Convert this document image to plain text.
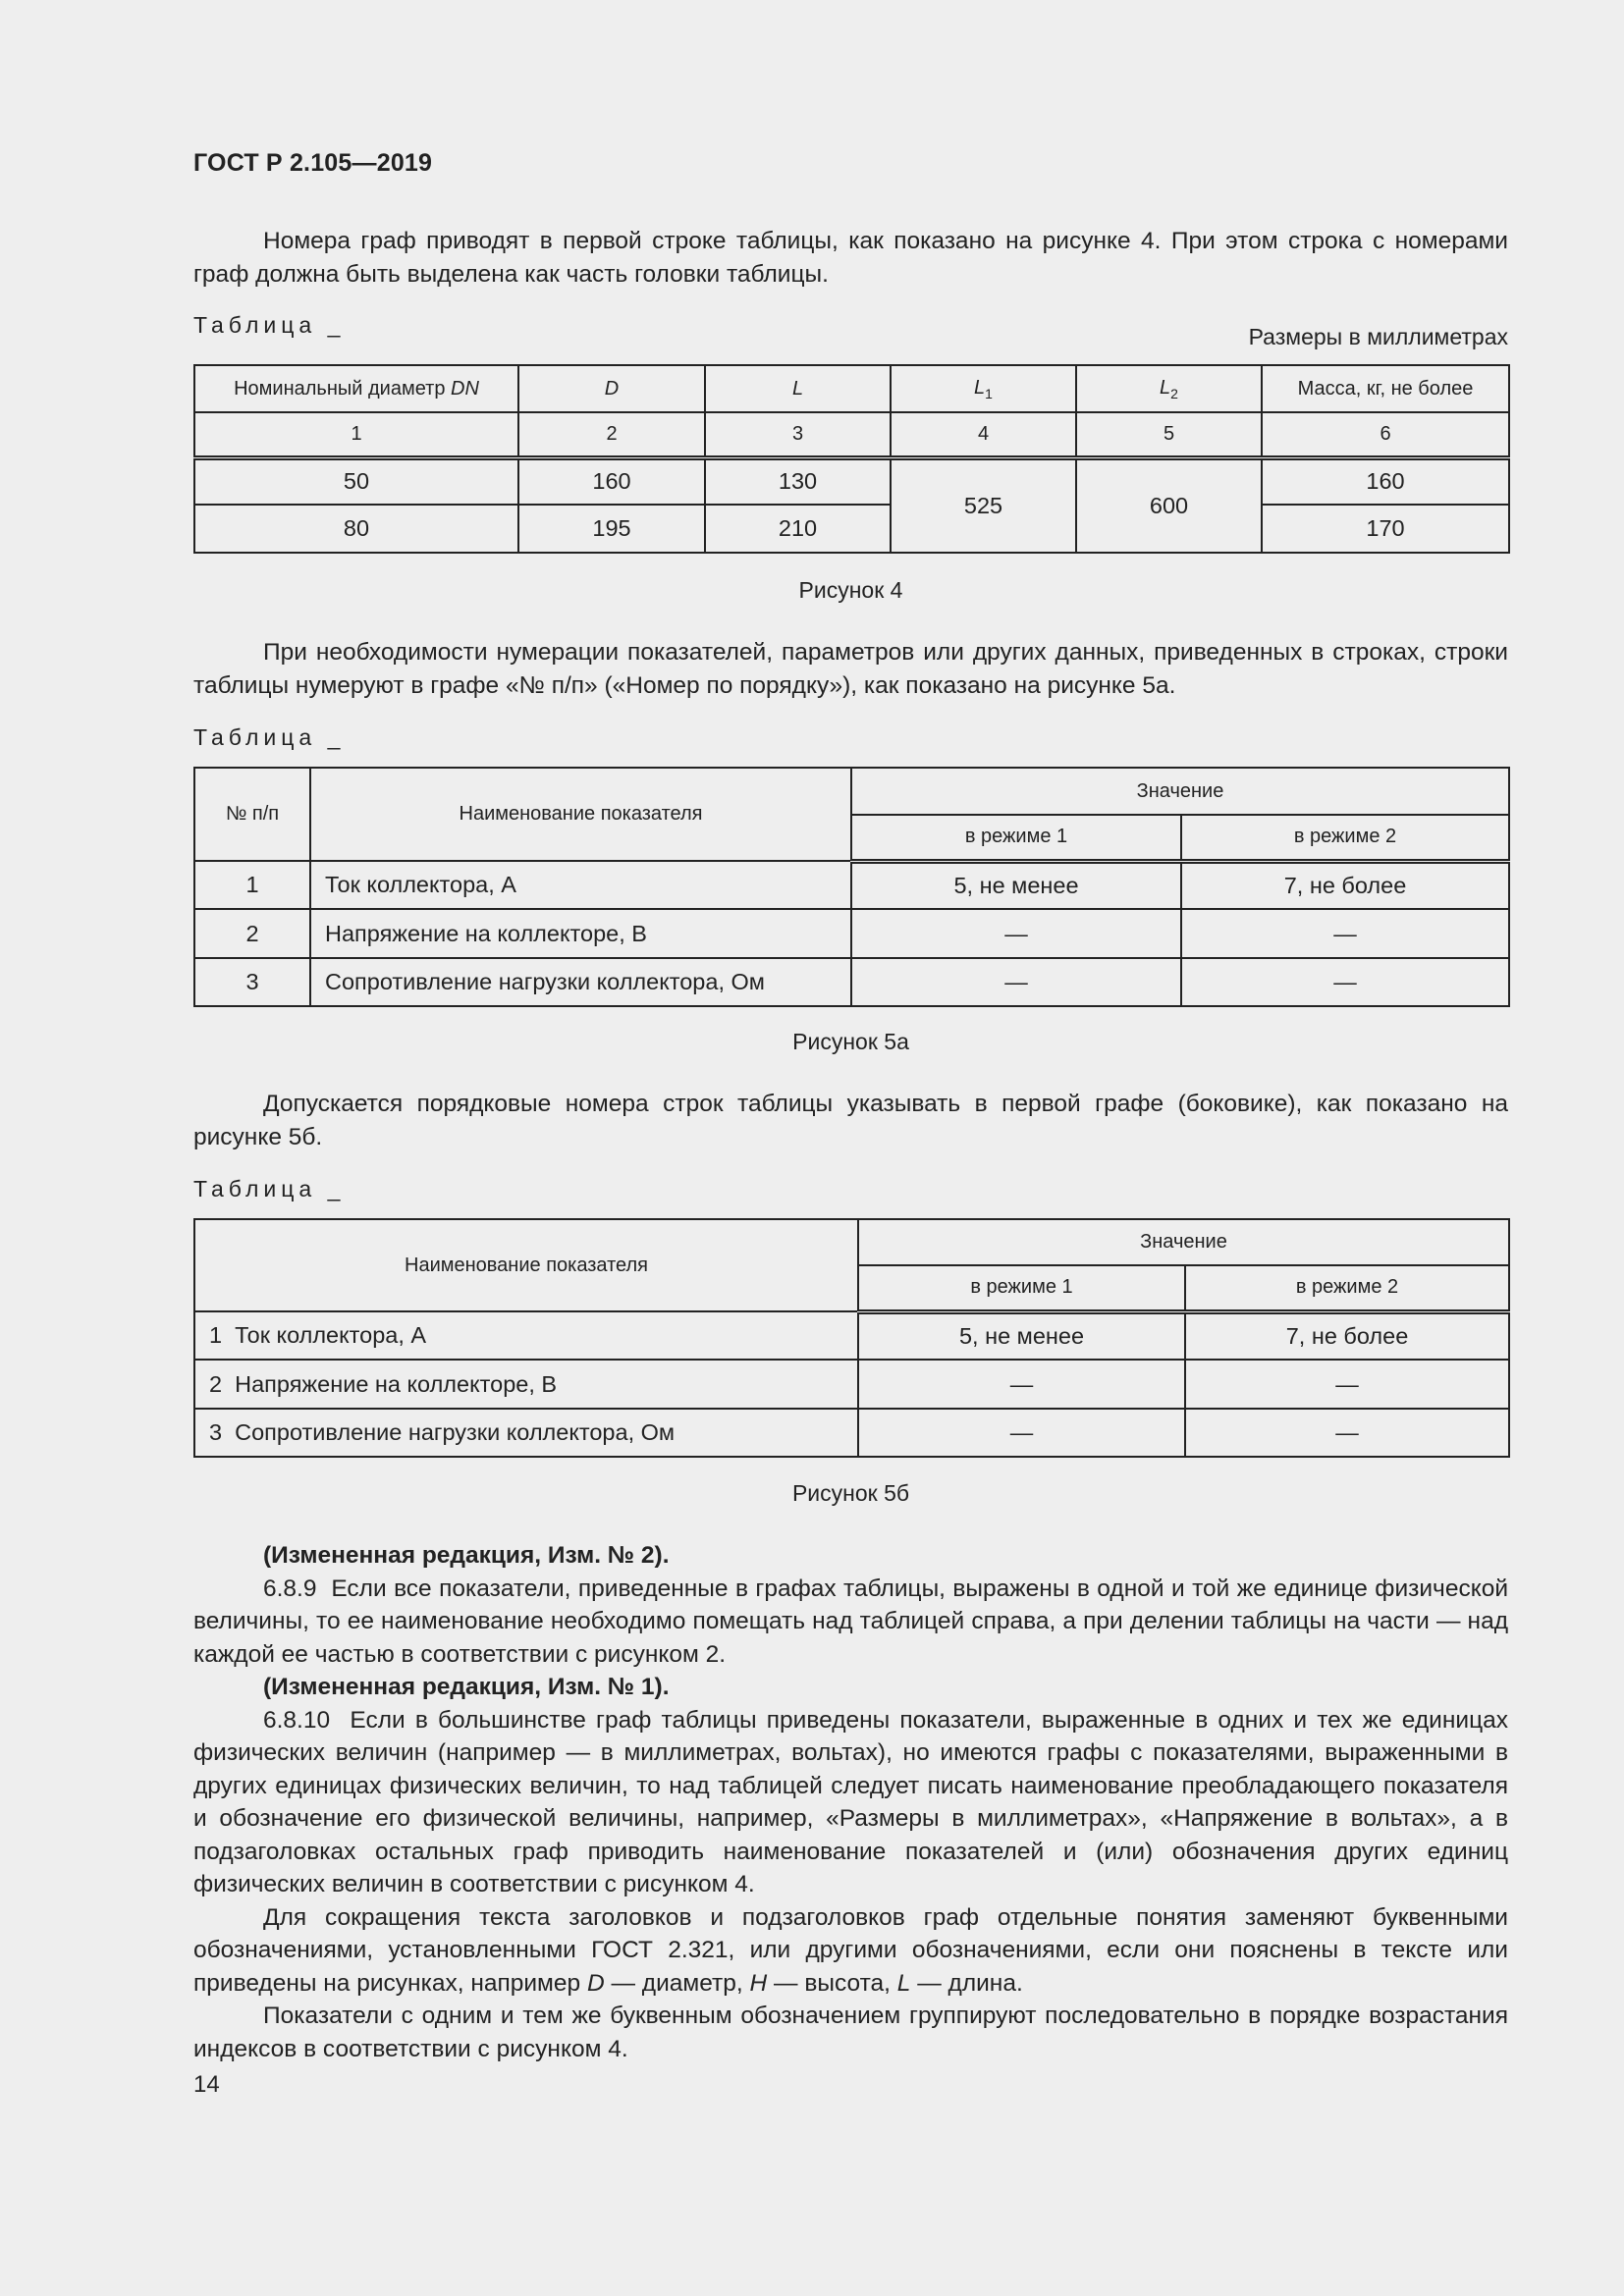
ГОСТ Р 2.105—2019

Номера граф приводят в первой строке таблицы, как показано на рисунке 4. При этом строка с номерами граф должна быть выделена как часть головки таблицы.

Таблица _	Размеры в миллиметрах
Номинальный диаметр DN	D	L	$L_1$	$L_2$	Масса, кг, не более
1	2	3	4	5	6
50	160	130	525	600	160
80	195	210			170
Рисунок 4

При необходимости нумерации показателей, параметров или других данных, приведенных в строках, строки таблицы нумеруют в графе «№ п/п» («Номер по порядку»), как показано на рисунке 5а.

Таблица _
№ п/п	Наименование показателя	Значение	
		в режиме 1	в режиме 2
1	Ток коллектора, А	5, не менее	7, не более
2	Напряжение на коллекторе, В	—	—
3	Сопротивление нагрузки коллектора, Ом	—	—
Рисунок 5а

Допускается порядковые номера строк таблицы указывать в первой графе (боковике), как показано на рисунке 5б.

Таблица _
Наименование показателя	Значение	
	в режиме 1	в режиме 2
1  Ток коллектора, А	5, не менее	7, не более
2  Напряжение на коллекторе, В	—	—
3  Сопротивление нагрузки коллектора, Ом	—	—
Рисунок 5б

(Измененная редакция, Изм. № 2).

6.8.9  Если все показатели, приведенные в графах таблицы, выражены в одной и той же единице физической величины, то ее наименование необходимо помещать над таблицей справа, а при делении таблицы на части — над каждой ее частью в соответствии с рисунком 2.

(Измененная редакция, Изм. № 1).

6.8.10  Если в большинстве граф таблицы приведены показатели, выраженные в одних и тех же единицах физических величин (например — в миллиметрах, вольтах), но имеются графы с показателями, выраженными в других единицах физических величин, то над таблицей следует писать наименование преобладающего показателя и обозначение его физической величины, например, «Размеры в миллиметрах», «Напряжение в вольтах», а в подзаголовках остальных граф приводить наименование показателей и (или) обозначения других единиц физических величин в соответствии с рисунком 4.

Для сокращения текста заголовков и подзаголовков граф отдельные понятия заменяют буквенными обозначениями, установленными ГОСТ 2.321, или другими обозначениями, если они пояснены в тексте или приведены на рисунках, например D — диаметр, H — высота, L — длина.

Показатели с одним и тем же буквенным обозначением группируют последовательно в порядке возрастания индексов в соответствии с рисунком 4.

14
